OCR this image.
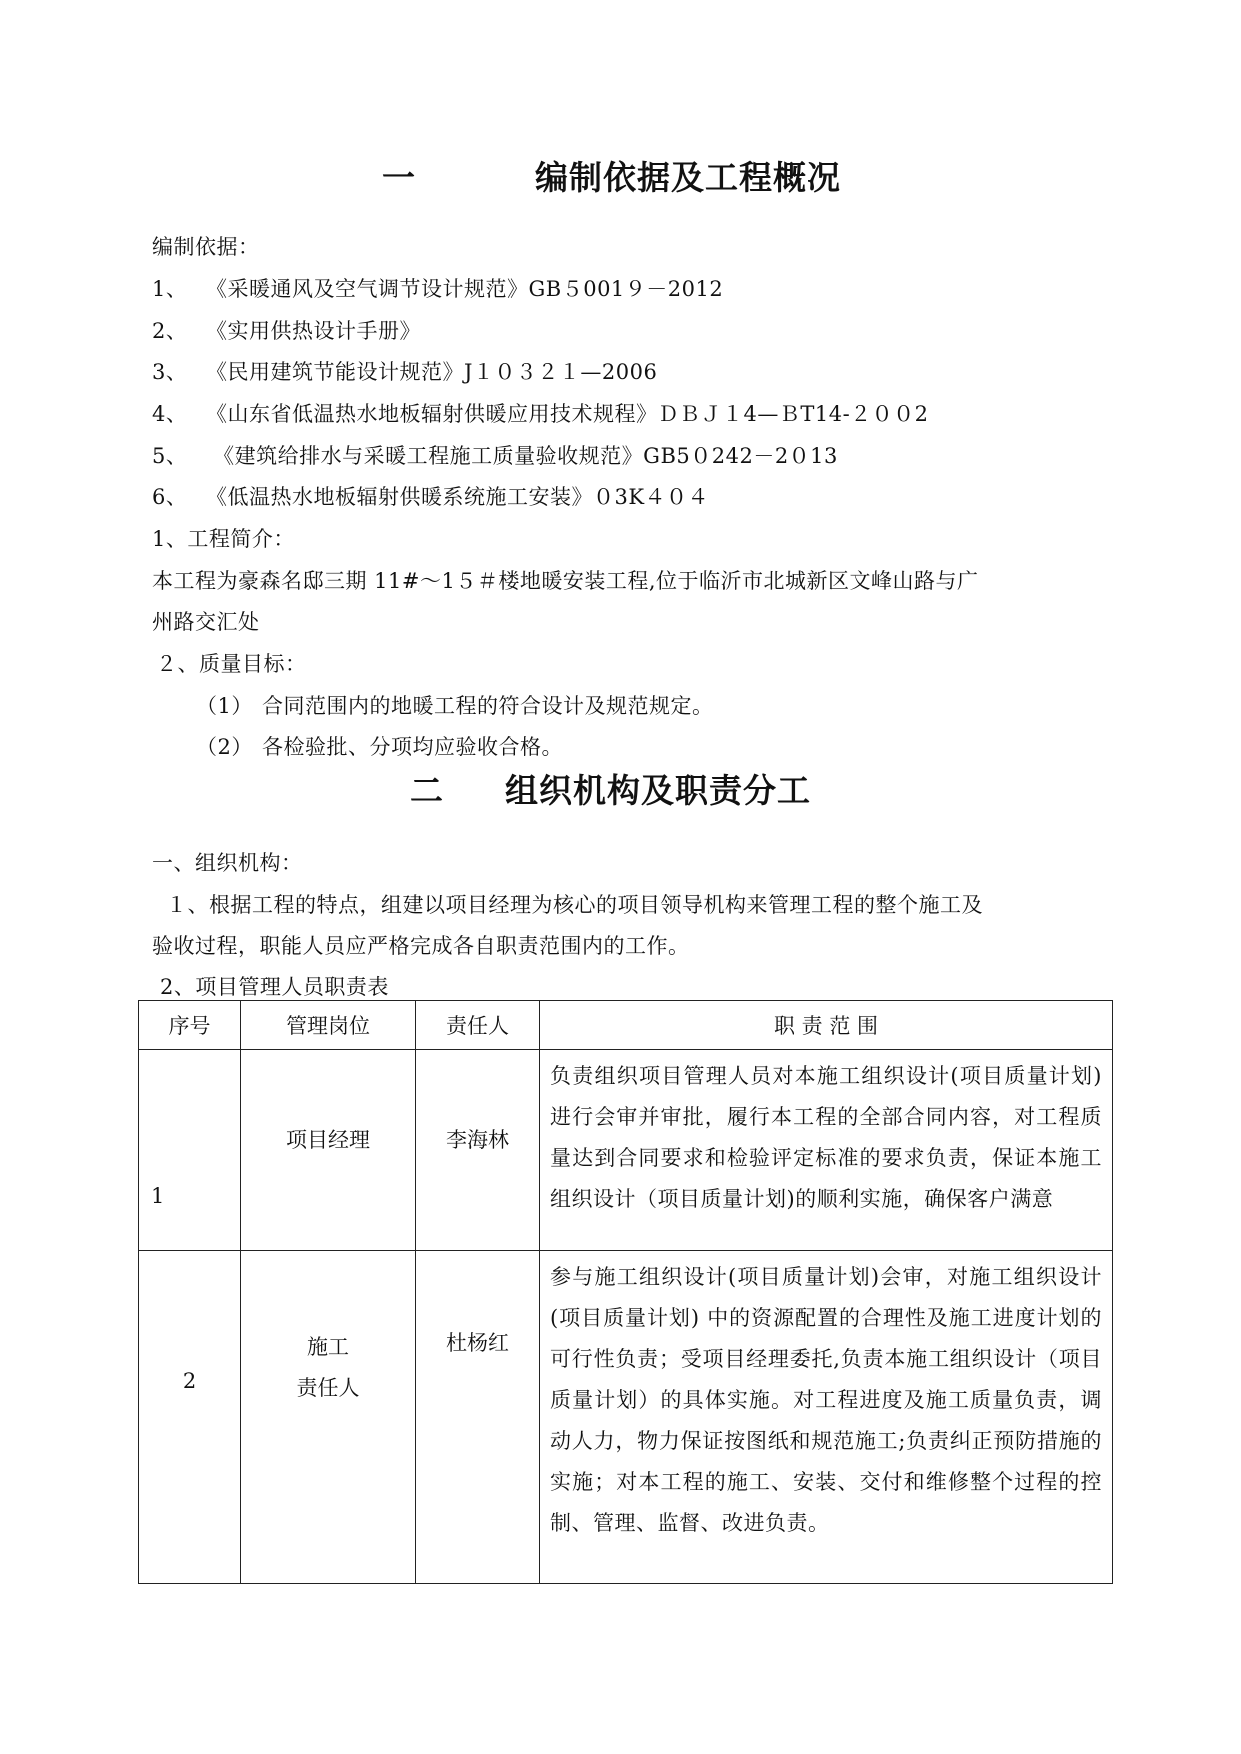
一	编制依据及工程概况
编制依据：
1、 《采暖通风及空气调节设计规范》GB５001９－2012
2、 《实用供热设计手册》
3、 《民用建筑节能设计规范》J１０３２１—2006
4、 《山东省低温热水地板辐射供暖应用技术规程》ＤＢＪ１4—ＢT14-２００2
5、 《建筑给排水与采暖工程施工质量验收规范》GB5０242－2０13
6、 《低温热水地板辐射供暖系统施工安装》０3K４０４
1、工程简介：
本工程为豪森名邸三期 11#～1５＃楼地暖安装工程,位于临沂市北城新区文峰山路与广
州路交汇处
２、质量目标：
（1） 合同范围内的地暖工程的符合设计及规范规定。
（2） 各检验批、分项均应验收合格。
二 组织机构及职责分工
一、组织机构：
１、根据工程的特点，组建以项目经理为核心的项目领导机构来管理工程的整个施工及
验收过程，职能人员应严格完成各自职责范围内的工作。
2、项目管理人员职责表
序号	管理岗位	责任人	职 责 范 围
1	项目经理	李海林	负责组织项目管理人员对本施工组织设计(项目质量计划)进行会审并审批，履行本工程的全部合同内容，对工程质量达到合同要求和检验评定标准的要求负责，保证本施工组织设计（项目质量计划)的顺利实施，确保客户满意

2	施工
责任人	杜杨红	参与施工组织设计(项目质量计划)会审，对施工组织设计(项目质量计划) 中的资源配置的合理性及施工进度计划的可行性负责；受项目经理委托,负责本施工组织设计（项目质量计划）的具体实施。对工程进度及施工质量负责，调动人力，物力保证按图纸和规范施工;负责纠正预防措施的实施；对本工程的施工、安装、交付和维修整个过程的控制、管理、监督、改进负责。
